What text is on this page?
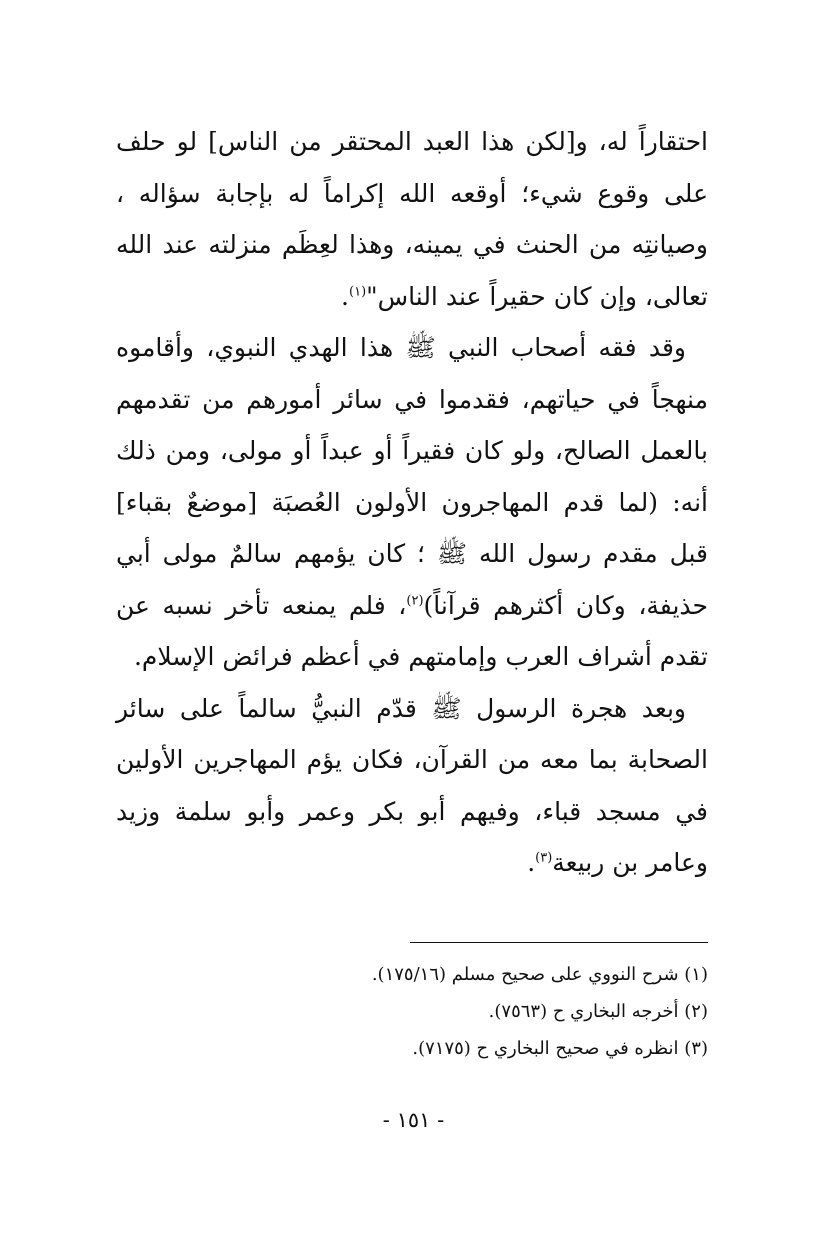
احتقاراً له، و[لكن هذا العبد المحتقر من الناس] لو حلف على وقوع شيء؛ أوقعه الله إكراماً له بإجابة سؤاله ، وصيانتِه من الحنث في يمينه، وهذا لعِظَم منزلته عند الله تعالى، وإن كان حقيراً عند الناس"$^{(١)}$.

وقد فقه أصحاب النبي ﷺ هذا الهدي النبوي، وأقاموه منهجاً في حياتهم، فقدموا في سائر أمورهم من تقدمهم بالعمل الصالح، ولو كان فقيراً أو عبداً أو مولى، ومن ذلك أنه: (لما قدم المهاجرون الأولون العُصبَة [موضعٌ بقباء] قبل مقدم رسول الله ﷺ ؛ كان يؤمهم سالمٌ مولى أبي حذيفة، وكان أكثرهم قرآناً)$^{(٢)}$، فلم يمنعه تأخر نسبه عن تقدم أشراف العرب وإمامتهم في أعظم فرائض الإسلام.

وبعد هجرة الرسول ﷺ قدّم النبيُّ سالماً على سائر الصحابة بما معه من القرآن، فكان يؤم المهاجرين الأولين في مسجد قباء، وفيهم أبو بكر وعمر وأبو سلمة وزيد وعامر بن ربيعة$^{(٣)}$.

(١) شرح النووي على صحيح مسلم (١٧٥/١٦).

(٢) أخرجه البخاري ح (٧٥٦٣).

(٣) انظره في صحيح البخاري ح (٧١٧٥).

- ١٥١ -
